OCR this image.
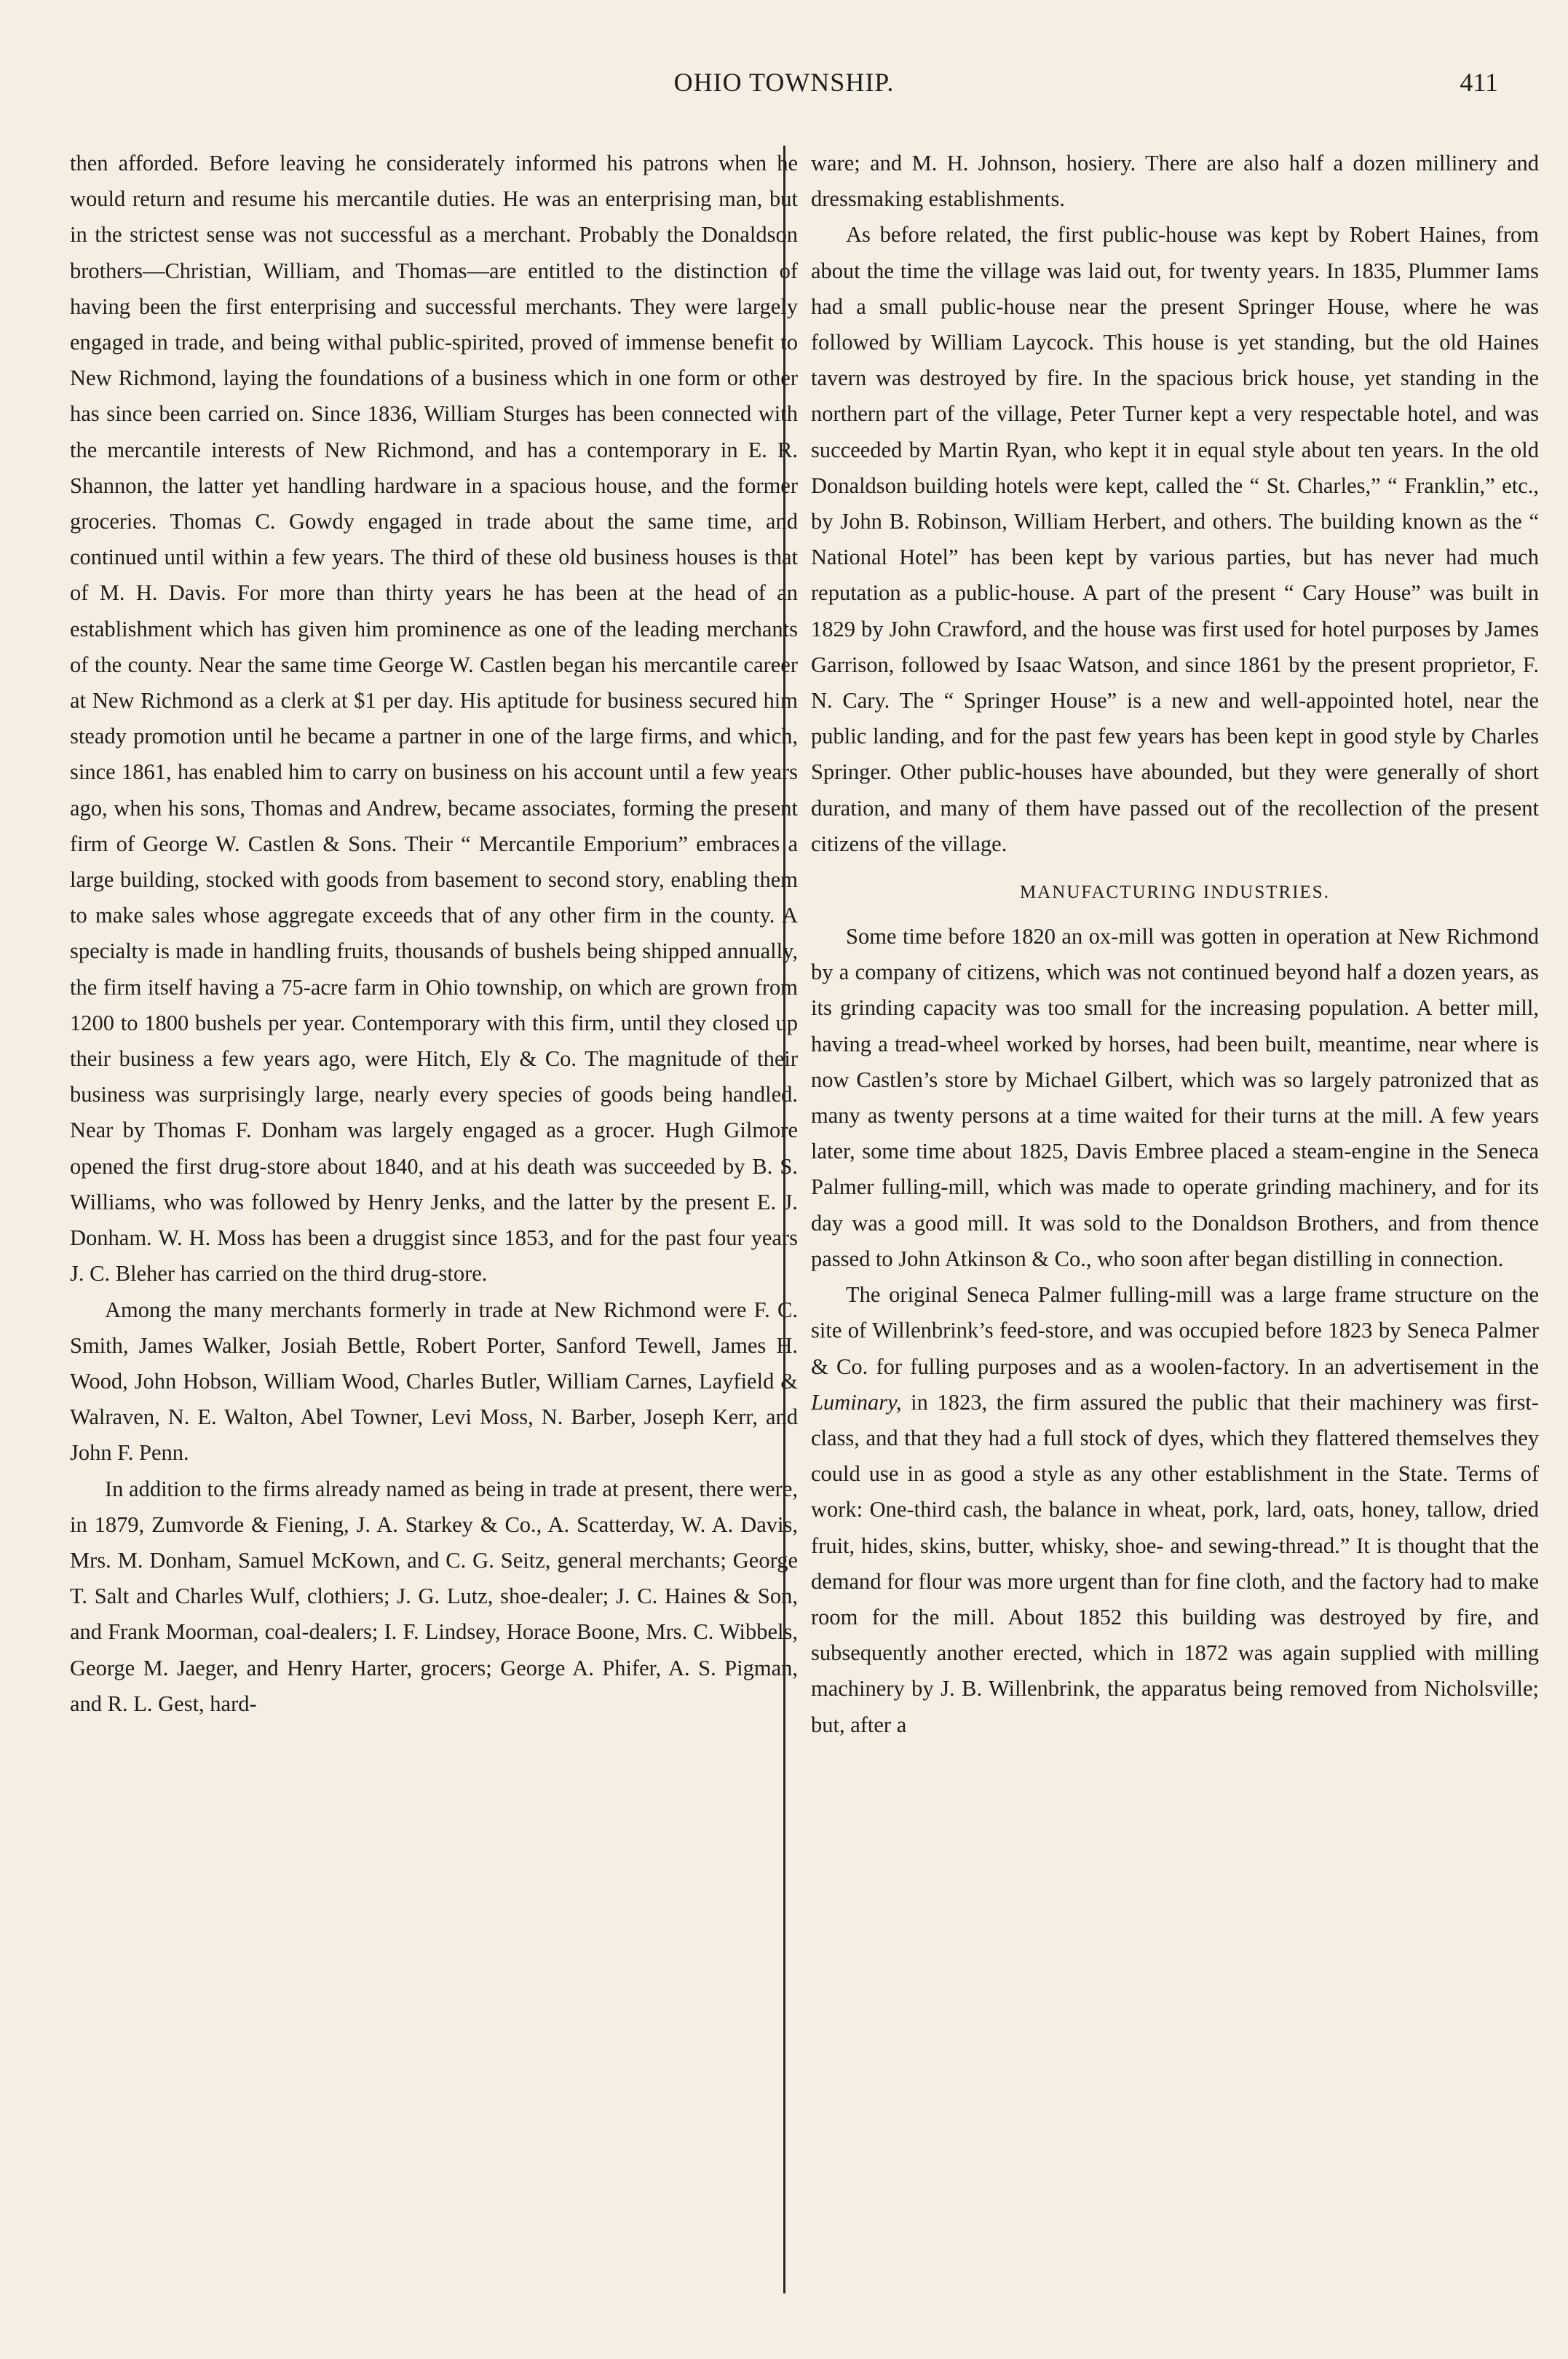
OHIO TOWNSHIP.	411

then afforded. Before leaving he considerately informed his patrons when he would return and resume his mercantile duties. He was an enterprising man, but in the strictest sense was not successful as a merchant. Probably the Donaldson brothers—Christian, William, and Thomas—are entitled to the distinction of having been the first enterprising and successful merchants. They were largely engaged in trade, and being withal public-spirited, proved of immense benefit to New Richmond, laying the foundations of a business which in one form or other has since been carried on. Since 1836, William Sturges has been connected with the mercantile interests of New Richmond, and has a contemporary in E. R. Shannon, the latter yet handling hardware in a spacious house, and the former groceries. Thomas C. Gowdy engaged in trade about the same time, and continued until within a few years. The third of these old business houses is that of M. H. Davis. For more than thirty years he has been at the head of an establishment which has given him prominence as one of the leading merchants of the county. Near the same time George W. Castlen began his mercantile career at New Richmond as a clerk at $1 per day. His aptitude for business secured him steady promotion until he became a partner in one of the large firms, and which, since 1861, has enabled him to carry on business on his account until a few years ago, when his sons, Thomas and Andrew, became associates, forming the present firm of George W. Castlen & Sons. Their “ Mercantile Emporium” embraces a large building, stocked with goods from basement to second story, enabling them to make sales whose aggregate exceeds that of any other firm in the county. A specialty is made in handling fruits, thousands of bushels being shipped annually, the firm itself having a 75-acre farm in Ohio township, on which are grown from 1200 to 1800 bushels per year. Contemporary with this firm, until they closed up their business a few years ago, were Hitch, Ely & Co. The magnitude of their business was surprisingly large, nearly every species of goods being handled. Near by Thomas F. Donham was largely engaged as a grocer. Hugh Gilmore opened the first drug-store about 1840, and at his death was succeeded by B. S. Williams, who was followed by Henry Jenks, and the latter by the present E. J. Donham. W. H. Moss has been a druggist since 1853, and for the past four years J. C. Bleher has carried on the third drug-store.

Among the many merchants formerly in trade at New Richmond were F. C. Smith, James Walker, Josiah Bettle, Robert Porter, Sanford Tewell, James H. Wood, John Hobson, William Wood, Charles Butler, William Carnes, Layfield & Walraven, N. E. Walton, Abel Towner, Levi Moss, N. Barber, Joseph Kerr, and John F. Penn.

In addition to the firms already named as being in trade at present, there were, in 1879, Zumvorde & Fiening, J. A. Starkey & Co., A. Scatterday, W. A. Davis, Mrs. M. Donham, Samuel McKown, and C. G. Seitz, general merchants; George T. Salt and Charles Wulf, clothiers; J. G. Lutz, shoe-dealer; J. C. Haines & Son, and Frank Moorman, coal-dealers; I. F. Lindsey, Horace Boone, Mrs. C. Wibbels, George M. Jaeger, and Henry Harter, grocers; George A. Phifer, A. S. Pigman, and R. L. Gest, hard-

ware; and M. H. Johnson, hosiery. There are also half a dozen millinery and dressmaking establishments.

As before related, the first public-house was kept by Robert Haines, from about the time the village was laid out, for twenty years. In 1835, Plummer Iams had a small public-house near the present Springer House, where he was followed by William Laycock. This house is yet standing, but the old Haines tavern was destroyed by fire. In the spacious brick house, yet standing in the northern part of the village, Peter Turner kept a very respectable hotel, and was succeeded by Martin Ryan, who kept it in equal style about ten years. In the old Donaldson building hotels were kept, called the “ St. Charles,” “ Franklin,” etc., by John B. Robinson, William Herbert, and others. The building known as the “ National Hotel” has been kept by various parties, but has never had much reputation as a public-house. A part of the present “ Cary House” was built in 1829 by John Crawford, and the house was first used for hotel purposes by James Garrison, followed by Isaac Watson, and since 1861 by the present proprietor, F. N. Cary. The “ Springer House” is a new and well-appointed hotel, near the public landing, and for the past few years has been kept in good style by Charles Springer. Other public-houses have abounded, but they were generally of short duration, and many of them have passed out of the recollection of the present citizens of the village.

MANUFACTURING INDUSTRIES.

Some time before 1820 an ox-mill was gotten in operation at New Richmond by a company of citizens, which was not continued beyond half a dozen years, as its grinding capacity was too small for the increasing population. A better mill, having a tread-wheel worked by horses, had been built, meantime, near where is now Castlen’s store by Michael Gilbert, which was so largely patronized that as many as twenty persons at a time waited for their turns at the mill. A few years later, some time about 1825, Davis Embree placed a steam-engine in the Seneca Palmer fulling-mill, which was made to operate grinding machinery, and for its day was a good mill. It was sold to the Donaldson Brothers, and from thence passed to John Atkinson & Co., who soon after began distilling in connection.

The original Seneca Palmer fulling-mill was a large frame structure on the site of Willenbrink’s feed-store, and was occupied before 1823 by Seneca Palmer & Co. for fulling purposes and as a woolen-factory. In an advertisement in the Luminary, in 1823, the firm assured the public that their machinery was first-class, and that they had a full stock of dyes, which they flattered themselves they could use in as good a style as any other establishment in the State. Terms of work: One-third cash, the balance in wheat, pork, lard, oats, honey, tallow, dried fruit, hides, skins, butter, whisky, shoe- and sewing-thread.” It is thought that the demand for flour was more urgent than for fine cloth, and the factory had to make room for the mill. About 1852 this building was destroyed by fire, and subsequently another erected, which in 1872 was again supplied with milling machinery by J. B. Willenbrink, the apparatus being removed from Nicholsville; but, after a
